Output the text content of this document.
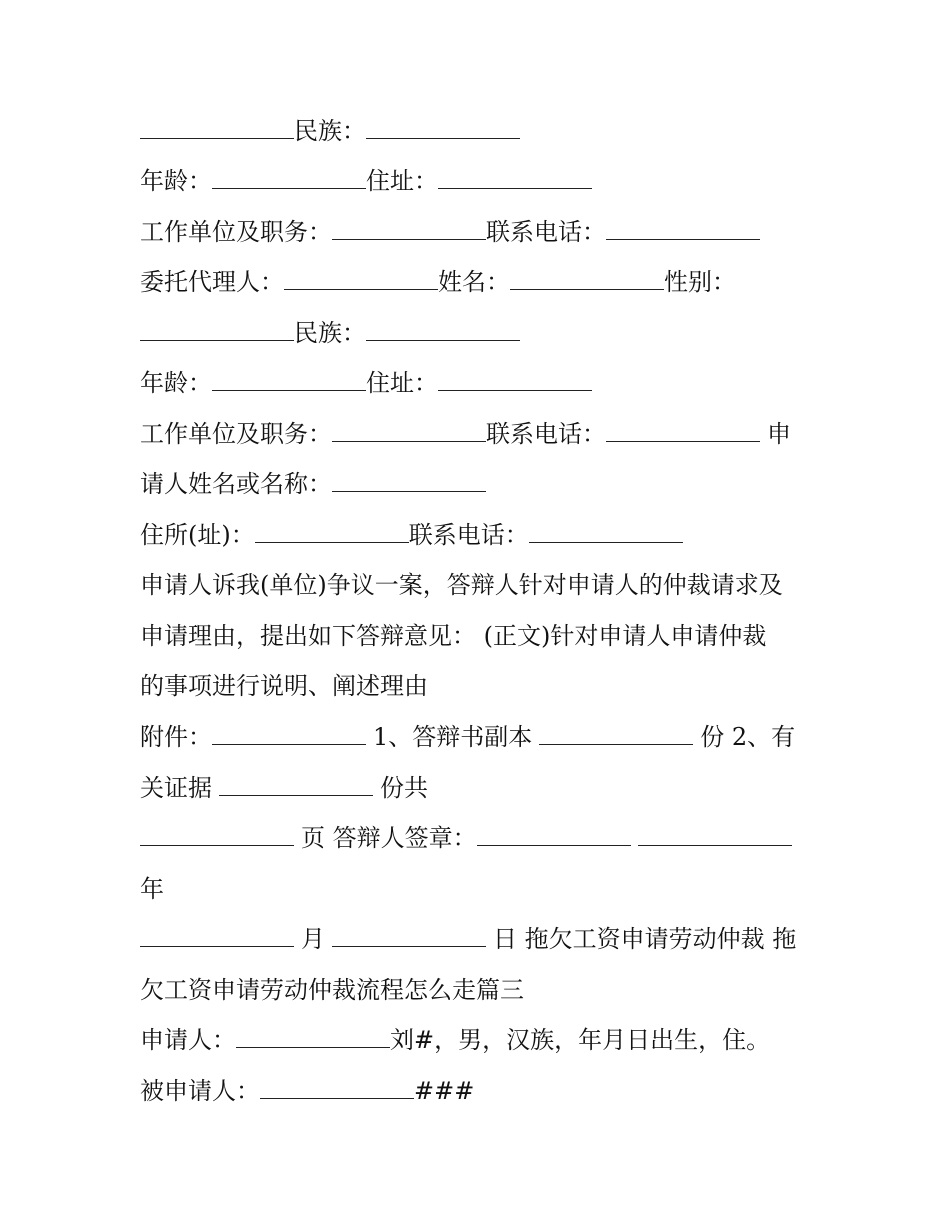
民族：
年龄：	住址：
工作单位及职务：	联系电话：
委托代理人：	姓名：	性别：
民族：
年龄：	住址：
工作单位及职务：	联系电话：	申
请人姓名或名称：
住所(址)：	联系电话：
申请人诉我(单位)争议一案，答辩人针对申请人的仲裁请求及
申请理由，提出如下答辩意见： (正文)针对申请人申请仲裁
的事项进行说明、阐述理由
附件：	1、答辩书副本	份 2、有
关证据	份共
页 答辩人签章：
年
月	日 拖欠工资申请劳动仲裁 拖
欠工资申请劳动仲裁流程怎么走篇三
申请人：	刘#，男，汉族，年月日出生，住。
被申请人：	###
